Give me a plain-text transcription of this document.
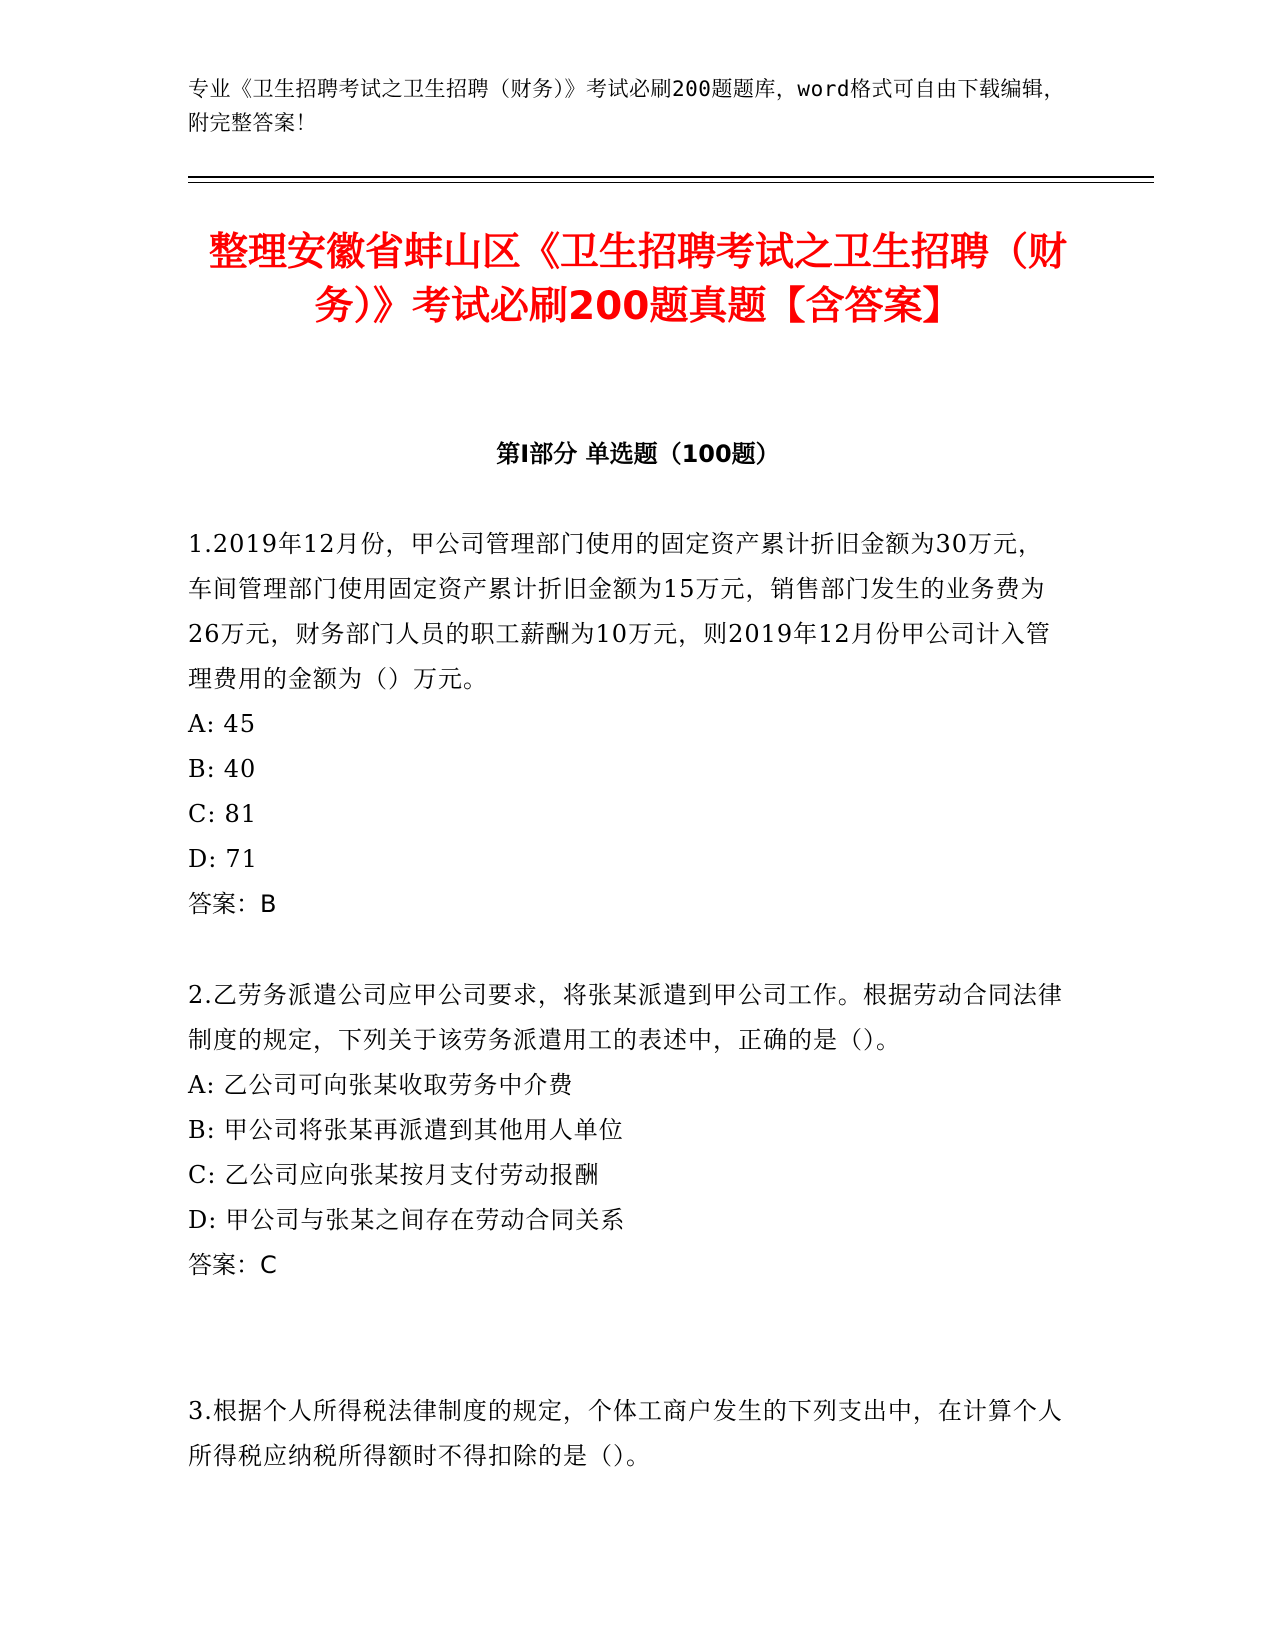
专业《卫生招聘考试之卫生招聘（财务）》考试必刷200题题库，word格式可自由下载编辑，附完整答案！
整理安徽省蚌山区《卫生招聘考试之卫生招聘（财务）》考试必刷200题真题【含答案】
第I部分 单选题（100题）

1.2019年12月份，甲公司管理部门使用的固定资产累计折旧金额为30万元，车间管理部门使用固定资产累计折旧金额为15万元，销售部门发生的业务费为26万元，财务部门人员的职工薪酬为10万元，则2019年12月份甲公司计入管理费用的金额为（）万元。

A: 45

B: 40

C: 81

D: 71

答案：B

2.乙劳务派遣公司应甲公司要求，将张某派遣到甲公司工作。根据劳动合同法律制度的规定，下列关于该劳务派遣用工的表述中，正确的是（）。

A: 乙公司可向张某收取劳务中介费

B: 甲公司将张某再派遣到其他用人单位

C: 乙公司应向张某按月支付劳动报酬

D: 甲公司与张某之间存在劳动合同关系

答案：C

3.根据个人所得税法律制度的规定，个体工商户发生的下列支出中，在计算个人所得税应纳税所得额时不得扣除的是（）。
